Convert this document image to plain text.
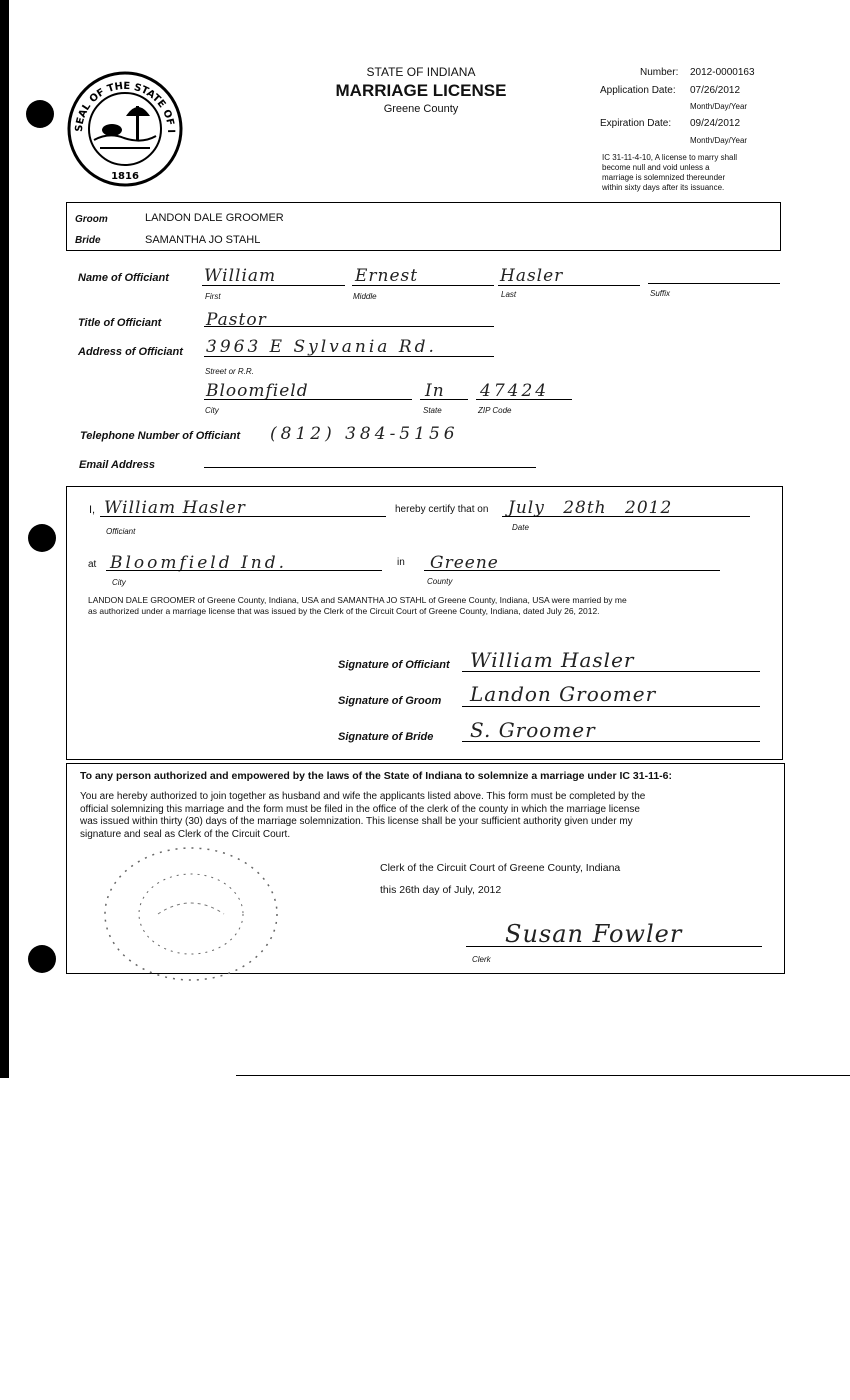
SEAL OF THE STATE OF I
1816
STATE OF INDIANA
MARRIAGE LICENSE
Greene County
Number: 2012-0000163
Application Date: 07/26/2012
Month/Day/Year
Expiration Date: 09/24/2012
Month/Day/Year
IC 31-11-4-10, A license to marry shall
become null and void unless a
marriage is solemnized thereunder
within sixty days after its issuance.
Groom	LANDON DALE GROOMER
Bride	SAMANTHA JO STAHL
Name of Officiant William
First
Ernest
Middle
Hasler
Last	Suffix
Title of Officiant	Pastor
Address of Officiant 3963 E Sylvania Rd.
Street or R.R.
Bloomfield
City
In
State
47424
ZIP Code
Telephone Number of Officiant (812) 384-5156
Email Address
I, William Hasler
Officiant
hereby certify that on July 28th 2012
Date
at Bloomfield Ind.
City
in Greene
County
LANDON DALE GROOMER of Greene County, Indiana, USA and SAMANTHA JO STAHL of Greene County, Indiana, USA were married by me
as authorized under a marriage license that was issued by the Clerk of the Circuit Court of Greene County, Indiana, dated July 26, 2012.
Signature of Officiant William Hasler
Signature of Groom Landon Groomer
Signature of Bride S. Groomer
To any person authorized and empowered by the laws of the State of Indiana to solemnize a marriage under IC 31-11-6:
You are hereby authorized to join together as husband and wife the applicants listed above. This form must be completed by the
official solemnizing this marriage and the form must be filed in the office of the clerk of the county in which the marriage license
was issued within thirty (30) days of the marriage solemnization. This license shall be your sufficient authority given under my
signature and seal as Clerk of the Circuit Court.
Clerk of the Circuit Court of Greene County, Indiana
this 26th day of July, 2012
Susan Fowler
Clerk
